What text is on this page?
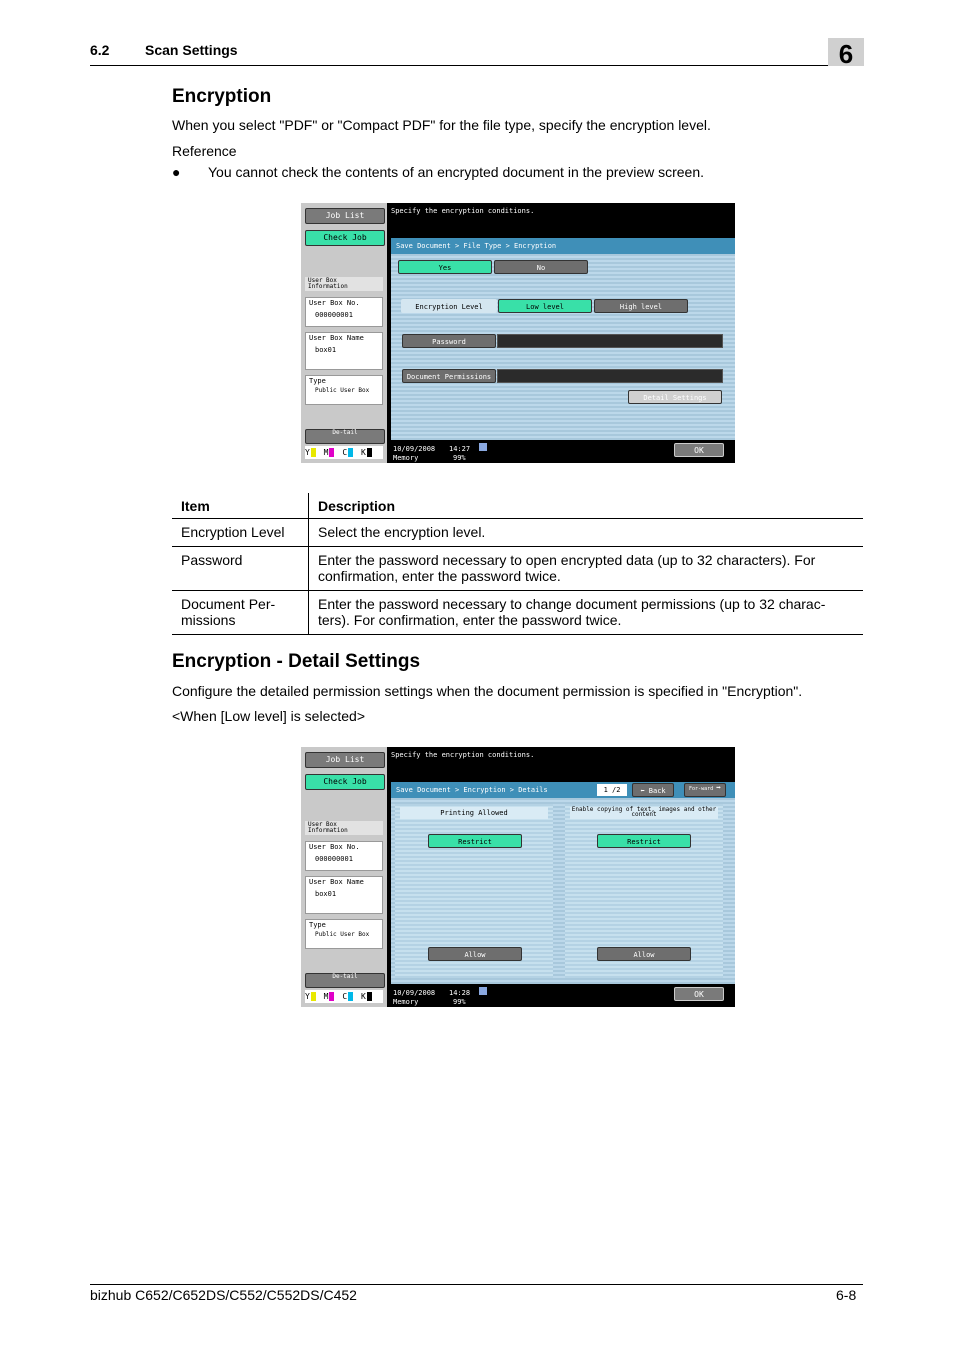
6.2	Scan Settings	6
Encryption
When you select "PDF" or "Compact PDF" for the file type, specify the encryption level.
Reference
● You cannot check the contents of an encrypted document in the preview screen.
Job List
Check Job
User Box Information
User Box No.
000000001
User Box Name
box01
Type
Public User Box
De-tail
Y M C K
Specify the encryption conditions.
Save Document > File Type > Encryption
Yes	No
Encryption Level	Low level	High level
Password
Document Permissions
Detail Settings
10/09/2008 14:27
Memory	99%
OK
Item	Description
Encryption Level	Select the encryption level.
Password	Enter the password necessary to open encrypted data (up to 32 characters). For confirmation, enter the password twice.
Document Per-missions	Enter the password necessary to change document permissions (up to 32 charac-ters). For confirmation, enter the password twice.
Encryption - Detail Settings
Configure the detailed permission settings when the document permission is specified in "Encryption".
<When [Low level] is selected>
Job List
Check Job
User Box Information
User Box No.
000000001
User Box Name
box01
Type
Public User Box
De-tail
Y M C K
Specify the encryption conditions.
Save Document > Encryption > Details	1 /2	⬅ Back	For-ward ➡
Printing Allowed
Restrict
Allow
Enable copying of text, images and other content
Restrict
Allow
10/09/2008 14:28
Memory	99%
OK
bizhub C652/C652DS/C552/C552DS/C452	6-8
